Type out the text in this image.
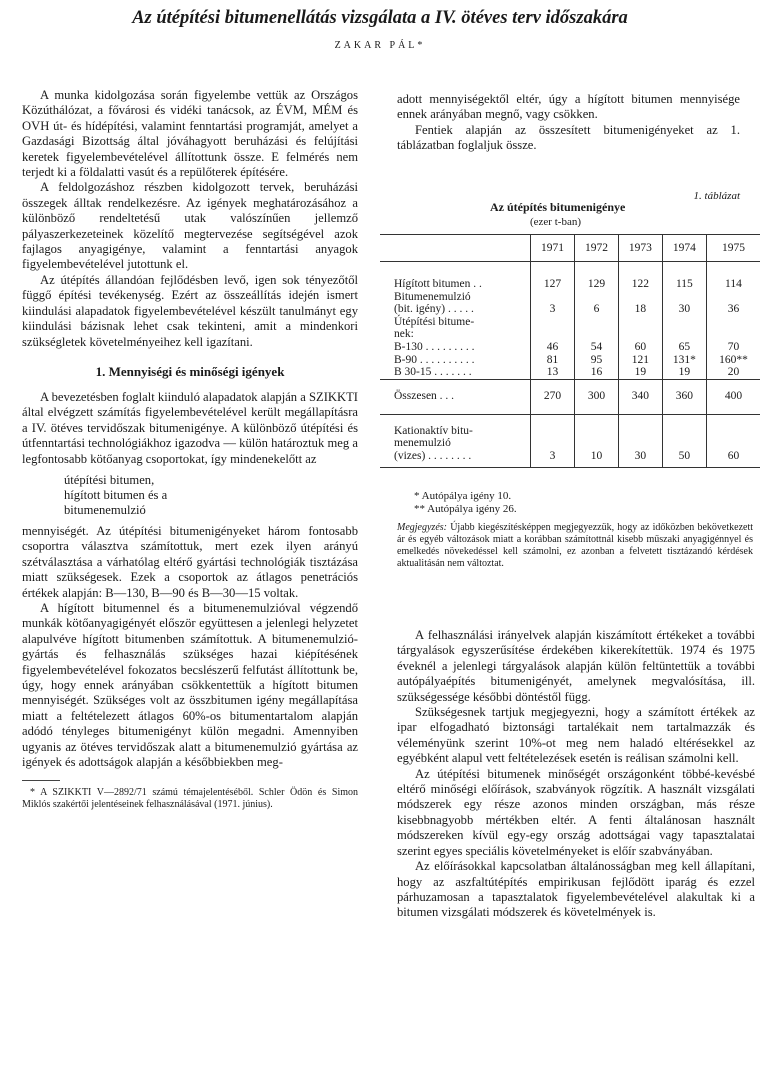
Az útépítési bitumenellátás vizsgálata a IV. ötéves terv időszakára
ZAKAR PÁL*

A munka kidolgozása során figyelembe vettük az Országos Közúthálózat, a fővárosi és vidéki tanácsok, az ÉVM, MÉM és OVH út- és hídépítési, valamint fenntartási programját, amelyet a Gazdasági Bizottság által jóváhagyott beruházási és felújítási keretek figyelembevételével állítottunk össze. E felmérés nem terjedt ki a földalatti vasút és a repülőterek építésére.

A feldolgozáshoz részben kidolgozott tervek, beruházási összegek álltak rendelkezésre. Az igények meghatározásához a különböző rendeltetésű utak valószínűen jellemző pályaszerkezeteinek közelítő megtervezése segítségével azok fajlagos anyagigénye, valamint a fenntartási anyagok figyelembevételével jutottunk el.

Az útépítés állandóan fejlődésben levő, igen sok tényezőtől függő építési tevékenység. Ezért az összeállítás idején ismert kiindulási alapadatok figyelembevételével készült tanulmányt egy kiindulási bázisnak lehet csak tekinteni, amit a mindenkori szükségletek követelményeihez kell igazítani.

1. Mennyiségi és minőségi igények

A bevezetésben foglalt kiinduló alapadatok alapján a SZIKKTI által elvégzett számítás figyelembevételével került megállapításra a IV. ötéves tervidőszak bitumenigénye. A különböző útépítési és útfenntartási technológiákhoz igazodva — külön határoztuk meg a legfontosabb kötőanyag csoportokat, így mindenekelőtt az

útépítési bitumen,
hígított bitumen és a
bitumenemulzió

mennyiségét. Az útépítési bitumenigényeket három fontosabb csoportra választva számítottuk, mert ezek ilyen arányú szétválasztása a várhatólag eltérő gyártási technológiák tisztázása miatt szükségesek. Ezek a csoportok az átlagos penetrációs értékek alapján: B—130, B—90 és B—30—15 voltak.

A hígított bitumennel és a bitumenemulzióval végzendő munkák kötőanyagigényét először együttesen a jelenlegi helyzetet alapulvéve hígított bitumenben számítottuk. A bitumenemulzió-gyártás és felhasználás szükséges hazai kiépítésének figyelembevételével fokozatos becslészerű felfutást állítottunk be, úgy, hogy ennek arányában csökkentettük a hígított bitumen mennyiségét. Szükséges volt az összbitumen igény megállapítása miatt a feltételezett átlagos 60%-os bitumentartalom alapján adódó tényleges bitumenigényt külön megadni. Amennyiben ugyanis az ötéves tervidőszak alatt a bitumenemulzió gyártása az igények és adottságok alapján a későbbiekben meg-

* A SZIKKTI V—2892/71 számú témajelentéséből. Schler Ödön és Simon Miklós szakértői jelentéseinek felhasználásával (1971. június).

adott mennyiségektől eltér, úgy a hígított bitumen mennyisége ennek arányában megnő, vagy csökken.

Fentiek alapján az összesített bitumenigényeket az 1. táblázatban foglaljuk össze.

1. táblázat
Az útépítés bitumenigénye
(ezer t-ban)
	1971	1972	1973	1974	1975
Hígított bitumen . .	127	129	122	115	114
Bitumenemulzió					
(bit. igény) . . . . .	3	6	18	30	36
Útépítési bitume-					
nek:					
B-130 . . . . . . . . .	46	54	60	65	70
B-90 . . . . . . . . . .	81	95	121	131*	160**
B 30-15 . . . . . . .	13	16	19	19	20
Összesen . . .	270	300	340	360	400
Kationaktív bitu-					
menemulzió					
(vizes) . . . . . . . .	3	10	30	50	60
* Autópálya igény 10.
** Autópálya igény 26.
Megjegyzés: Újabb kiegészítésképpen megjegyezzük, hogy az időközben bekövetkezett ár és egyéb változások miatt a korábban számítottnál kisebb műszaki anyagigénnyel és emelkedés növekedéssel kell számolni, ez azonban a felvetett tisztázandó kérdések aktualitásán nem változtat.

A felhasználási irányelvek alapján kiszámított értékeket a további tárgyalások egyszerűsítése érdekében kikerekítettük. 1974 és 1975 éveknél a jelenlegi tárgyalások alapján külön feltüntettük a további autópályaépítés bitumenigényét, amelynek megvalósítása, ill. szükségessége későbbi döntéstől függ.

Szükségesnek tartjuk megjegyezni, hogy a számított értékek az ipar elfogadható biztonsági tartalékait nem tartalmazzák és véleményünk szerint 10%-ot meg nem haladó eltérésekkel az egyébként alapul vett feltételezések esetén is reálisan számolni kell.

Az útépítési bitumenek minőségét országonként többé-kevésbé eltérő minőségi előírások, szabványok rögzítik. A használt vizsgálati módszerek egy része azonos minden országban, más része kisebbnagyobb mértékben eltér. A fenti általánosan használt módszereken kívül egy-egy ország adottságai vagy tapasztalatai szerint egyes speciális követelményeket is előír szabványában.

Az előírásokkal kapcsolatban általánosságban meg kell állapítani, hogy az aszfaltútépítés empirikusan fejlődött iparág és ezzel párhuzamosan a tapasztalatok figyelembevételével alakultak ki a bitumen vizsgálati módszerek és követelmények is.
